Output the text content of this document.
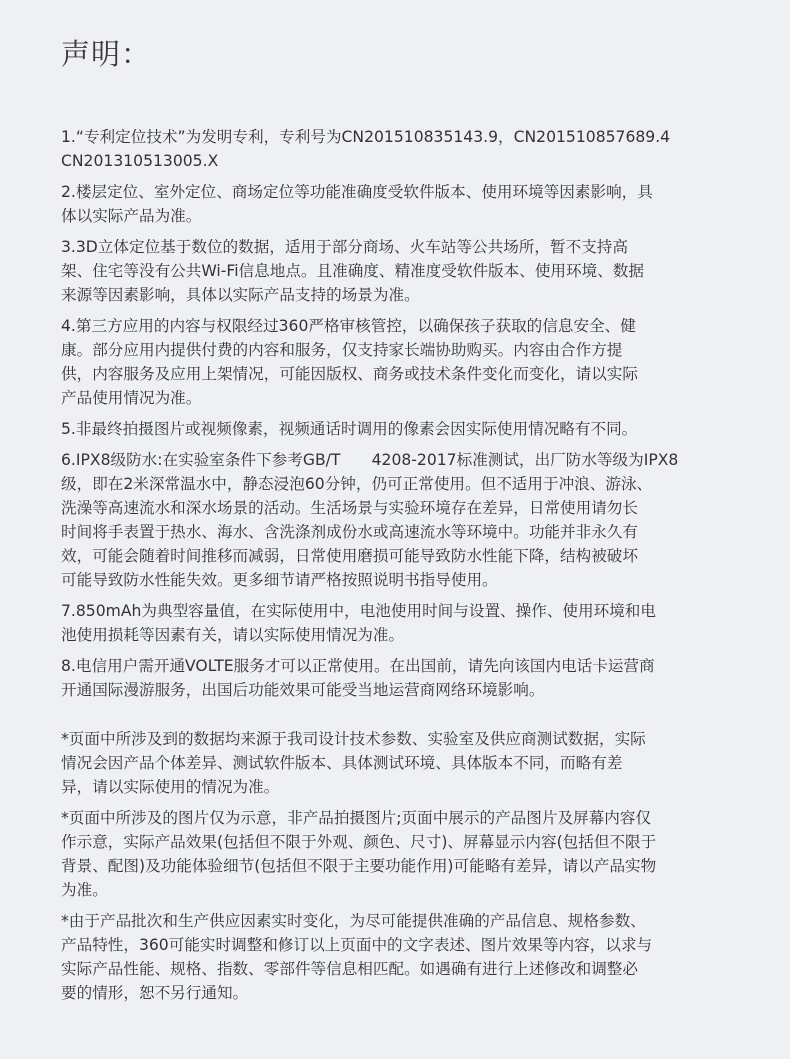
声明：

1.“专利定位技术”为发明专利，专利号为CN201510835143.9，CN201510857689.4
CN201310513005.X

2.楼层定位、室外定位、商场定位等功能准确度受软件版本、使用环境等因素影响，具
体以实际产品为准。

3.3D立体定位基于数位的数据，适用于部分商场、火车站等公共场所，暂不支持高
架、住宅等没有公共Wi-Fi信息地点。且准确度、精准度受软件版本、使用环境、数据
来源等因素影响，具体以实际产品支持的场景为准。

4.第三方应用的内容与权限经过360严格审核管控，以确保孩子获取的信息安全、健
康。部分应用内提供付费的内容和服务，仅支持家长端协助购买。内容由合作方提
供，内容服务及应用上架情况，可能因版权、商务或技术条件变化而变化，请以实际
产品使用情况为准。

5.非最终拍摄图片或视频像素，视频通话时调用的像素会因实际使用情况略有不同。

6.IPX8级防水:在实验室条件下参考GB/T　　4208-2017标准测试，出厂防水等级为IPX8
级，即在2米深常温水中，静态浸泡60分钟，仍可正常使用。但不适用于冲浪、游泳、
洗澡等高速流水和深水场景的活动。生活场景与实验环境存在差异，日常使用请勿长
时间将手表置于热水、海水、含洗涤剂成份水或高速流水等环境中。功能并非永久有
效，可能会随着时间推移而减弱，日常使用磨损可能导致防水性能下降，结构被破坏
可能导致防水性能失效。更多细节请严格按照说明书指导使用。

7.850mAh为典型容量值，在实际使用中，电池使用时间与设置、操作、使用环境和电
池使用损耗等因素有关，请以实际使用情况为准。

8.电信用户需开通VOLTE服务才可以正常使用。在出国前，请先向该国内电话卡运营商
开通国际漫游服务，出国后功能效果可能受当地运营商网络环境影响。

*页面中所涉及到的数据均来源于我司设计技术参数、实验室及供应商测试数据，实际
情况会因产品个体差异、测试软件版本、具体测试环境、具体版本不同，而略有差
异，请以实际使用的情况为准。

*页面中所涉及的图片仅为示意，非产品拍摄图片;页面中展示的产品图片及屏幕内容仅
作示意，实际产品效果(包括但不限于外观、颜色、尺寸)、屏幕显示内容(包括但不限于
背景、配图)及功能体验细节(包括但不限于主要功能作用)可能略有差异，请以产品实物
为准。

*由于产品批次和生产供应因素实时变化，为尽可能提供准确的产品信息、规格参数、
产品特性，360可能实时调整和修订以上页面中的文字表述、图片效果等内容，以求与
实际产品性能、规格、指数、零部件等信息相匹配。如遇确有进行上述修改和调整必
要的情形，恕不另行通知。
